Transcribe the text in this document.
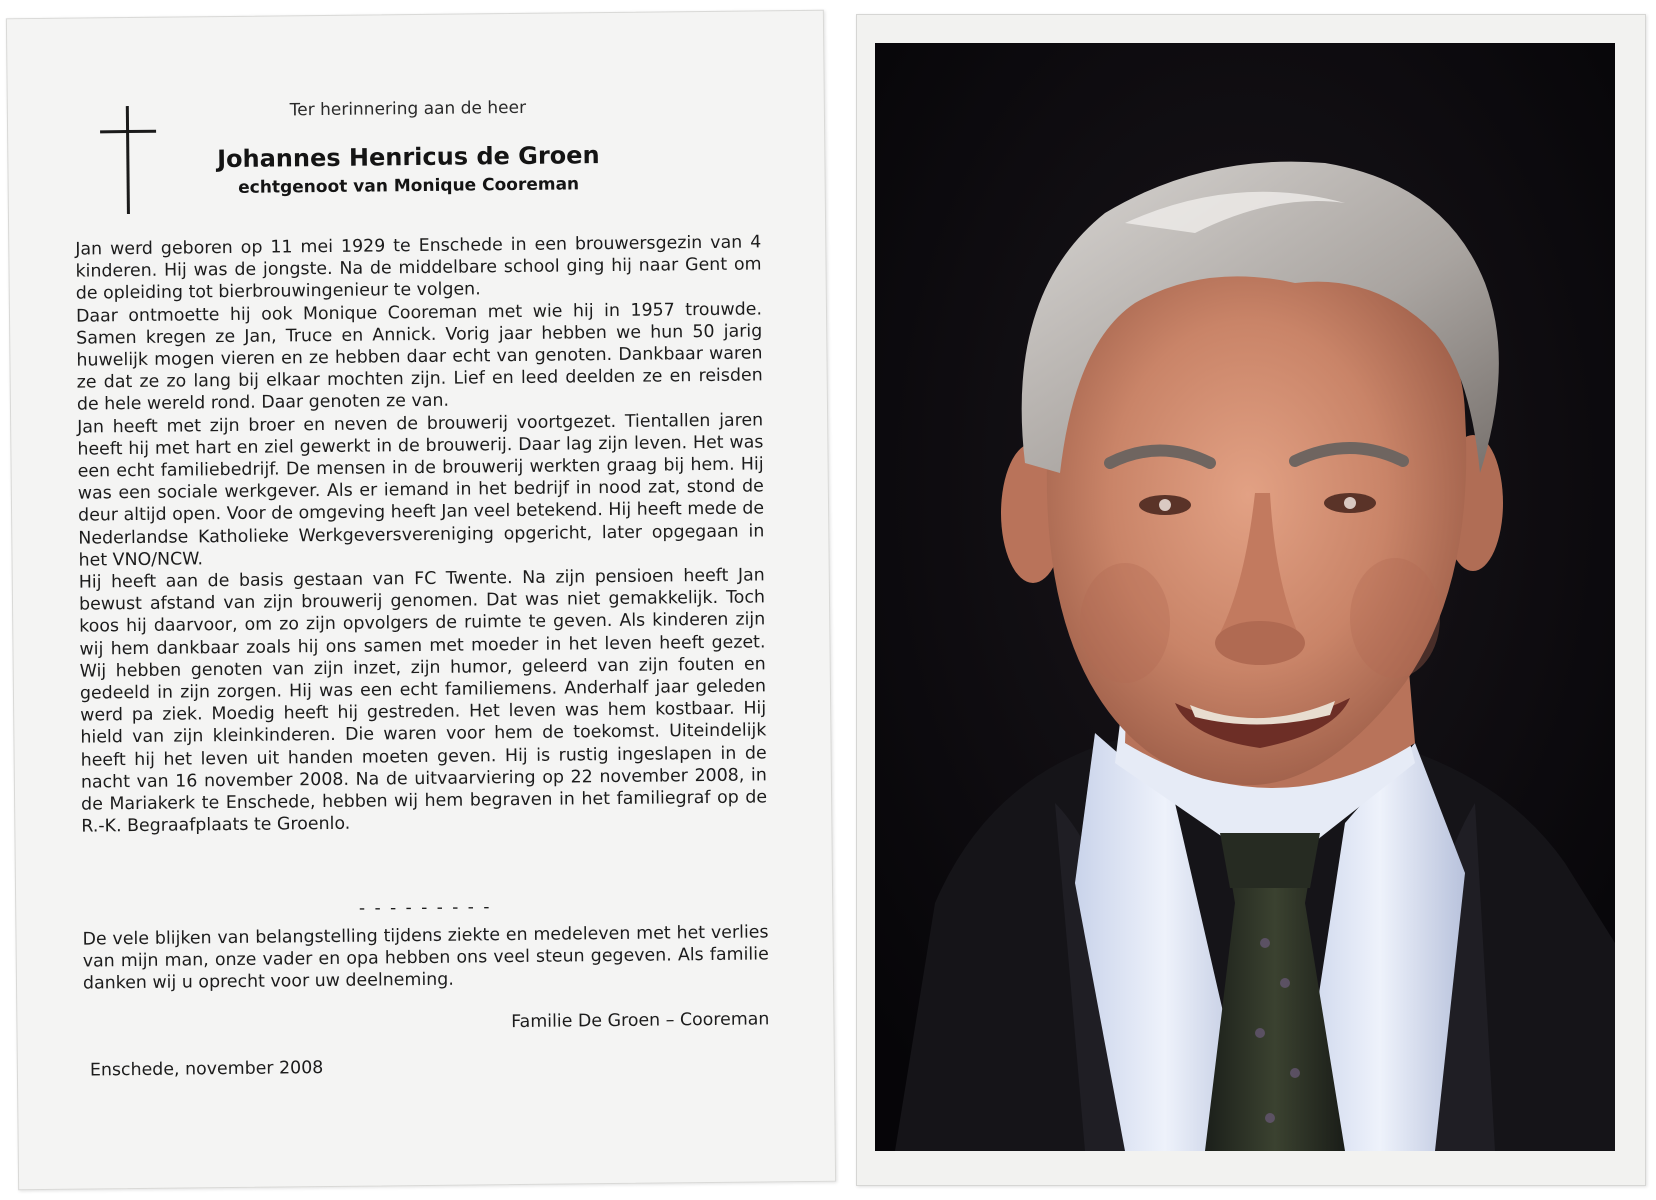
Ter herinnering aan de heer
Johannes Henricus de Groen
echtgenoot van Monique Cooreman

Jan werd geboren op 11 mei 1929 te Enschede in een brouwersgezin van 4 kinderen. Hij was de jongste. Na de middelbare school ging hij naar Gent om de opleiding tot bierbrouwingenieur te volgen.

Daar ontmoette hij ook Monique Cooreman met wie hij in 1957 trouwde. Samen kregen ze Jan, Truce en Annick. Vorig jaar hebben we hun 50 jarig huwelijk mogen vieren en ze hebben daar echt van genoten. Dankbaar waren ze dat ze zo lang bij elkaar mochten zijn. Lief en leed deelden ze en reisden de hele wereld rond. Daar genoten ze van.

Jan heeft met zijn broer en neven de brouwerij voortgezet. Tientallen jaren heeft hij met hart en ziel gewerkt in de brouwerij. Daar lag zijn leven. Het was een echt familiebedrijf. De mensen in de brouwerij werkten graag bij hem. Hij was een sociale werkgever. Als er iemand in het bedrijf in nood zat, stond de deur altijd open. Voor de omgeving heeft Jan veel betekend. Hij heeft mede de Nederlandse Katholieke Werkgeversvereniging opgericht, later opgegaan in het VNO/NCW.

Hij heeft aan de basis gestaan van FC Twente. Na zijn pensioen heeft Jan bewust afstand van zijn brouwerij genomen. Dat was niet gemakkelijk. Toch koos hij daarvoor, om zo zijn opvolgers de ruimte te geven. Als kinderen zijn wij hem dankbaar zoals hij ons samen met moeder in het leven heeft gezet. Wij hebben genoten van zijn inzet, zijn humor, geleerd van zijn fouten en gedeeld in zijn zorgen. Hij was een echt familiemens. Anderhalf jaar geleden werd pa ziek. Moedig heeft hij gestreden. Het leven was hem kostbaar. Hij hield van zijn kleinkinderen. Die waren voor hem de toekomst. Uiteindelijk heeft hij het leven uit handen moeten geven. Hij is rustig ingeslapen in de nacht van 16 november 2008. Na de uitvaarviering op 22 november 2008, in de Mariakerk te Enschede, hebben wij hem begraven in het familiegraf op de R.-K. Begraafplaats te Groenlo.

- - - - - - - - -

De vele blijken van belangstelling tijdens ziekte en medeleven met het verlies van mijn man, onze vader en opa hebben ons veel steun gegeven. Als familie danken wij u oprecht voor uw deelneming.

Familie De Groen – Cooreman
Enschede, november 2008
